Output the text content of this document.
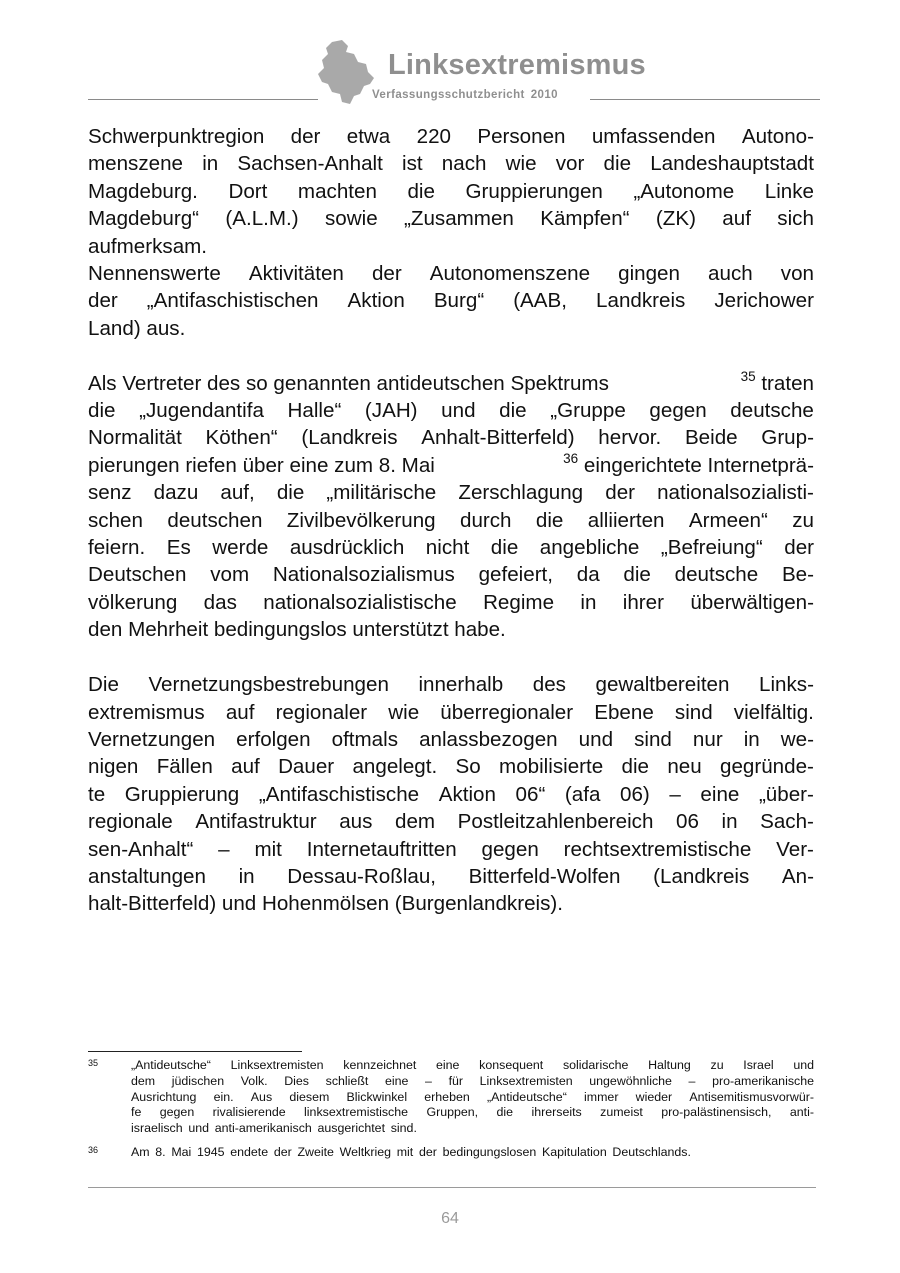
Linksextremismus
Verfassungsschutzbericht 2010
Schwerpunktregion der etwa 220 Personen umfassenden Autono-
menszene in Sachsen-Anhalt ist nach wie vor die Landeshauptstadt
Magdeburg. Dort machten die Gruppierungen „Autonome Linke
Magdeburg“ (A.L.M.) sowie „Zusammen Kämpfen“ (ZK) auf sich
aufmerksam.
Nennenswerte Aktivitäten der Autonomenszene gingen auch von
der „Antifaschistischen Aktion Burg“ (AAB, Landkreis Jerichower
Land) aus.
Als Vertreter des so genannten antideutschen Spektrums	$^{35}$ traten
die „Jugendantifa Halle“ (JAH) und die „Gruppe gegen deutsche
Normalität Köthen“ (Landkreis Anhalt-Bitterfeld) hervor. Beide Grup-
pierungen riefen über eine zum 8. Mai	$^{36}$ eingerichtete Internetprä-
senz dazu auf, die „militärische Zerschlagung der nationalsozialisti-
schen deutschen Zivilbevölkerung durch die alliierten Armeen“ zu
feiern. Es werde ausdrücklich nicht die angebliche „Befreiung“ der
Deutschen vom Nationalsozialismus gefeiert, da die deutsche Be-
völkerung das nationalsozialistische Regime in ihrer überwältigen-
den Mehrheit bedingungslos unterstützt habe.
Die Vernetzungsbestrebungen innerhalb des gewaltbereiten Links-
extremismus auf regionaler wie überregionaler Ebene sind vielfältig.
Vernetzungen erfolgen oftmals anlassbezogen und sind nur in we-
nigen Fällen auf Dauer angelegt. So mobilisierte die neu gegründe-
te Gruppierung „Antifaschistische Aktion 06“ (afa 06) – eine „über-
regionale Antifastruktur aus dem Postleitzahlenbereich 06 in Sach-
sen-Anhalt“ – mit Internetauftritten gegen rechtsextremistische Ver-
anstaltungen in Dessau-Roßlau, Bitterfeld-Wolfen (Landkreis An-
halt-Bitterfeld) und Hohenmölsen (Burgenlandkreis).
35	„Antideutsche“ Linksextremisten kennzeichnet eine konsequent solidarische Haltung zu Israel und
dem jüdischen Volk. Dies schließt eine – für Linksextremisten ungewöhnliche – pro-amerikanische
Ausrichtung ein. Aus diesem Blickwinkel erheben „Antideutsche“ immer wieder Antisemitismusvorwür-
fe gegen rivalisierende linksextremistische Gruppen, die ihrerseits zumeist pro-palästinensisch, anti-
israelisch und anti-amerikanisch ausgerichtet sind.
36	Am 8. Mai 1945 endete der Zweite Weltkrieg mit der bedingungslosen Kapitulation Deutschlands.
64
